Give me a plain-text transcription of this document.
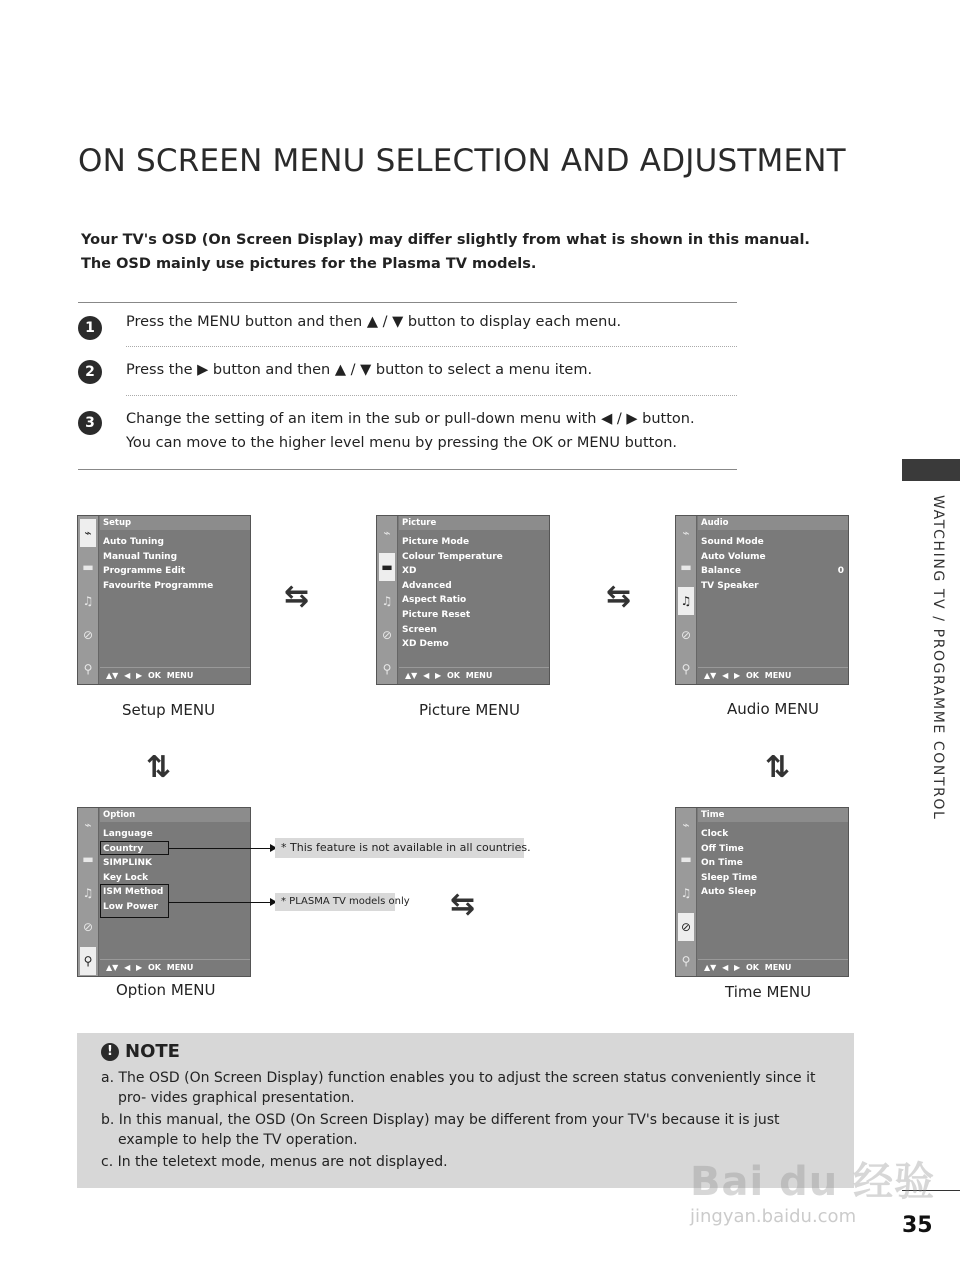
ON SCREEN MENU SELECTION AND ADJUSTMENT
Your TV's OSD (On Screen Display) may differ slightly from what is shown in this manual.
The OSD mainly use pictures for the Plasma TV models.
1	Press the MENU button and then ▲ / ▼ button to display each menu.
2	Press the ▶ button and then ▲ / ▼ button to select a menu item.
3	Change the setting of an item in the sub or pull-down menu with ◀ / ▶ button.
You can move to the higher level menu by pressing the OK or MENU button.
WATCHING TV / PROGRAMME CONTROL
⌁
▬
♫
⊘
⚲
Setup
Auto Tuning
Manual Tuning
Programme Edit
Favourite Programme
▲▼ ◀ ▶ OK MENU
⌁
▬
♫
⊘
⚲
Picture
Picture Mode
Colour Temperature
XD
Advanced
Aspect Ratio
Picture Reset
Screen
XD Demo
▲▼ ◀ ▶ OK MENU
⌁
▬
♫
⊘
⚲
Audio
Sound Mode
Auto Volume
Balance	0
TV Speaker
▲▼ ◀ ▶ OK MENU
⌁
▬
♫
⊘
⚲
Option
Language
Country
SIMPLINK
Key Lock
ISM Method
Low Power
▲▼ ◀ ▶ OK MENU
⌁
▬
♫
⊘
⚲
Time
Clock
Off Time
On Time
Sleep Time
Auto Sleep
▲▼ ◀ ▶ OK MENU
Setup MENU	Picture MENU	Audio MENU
Option MENU	Time MENU
⇆	⇆
⇆
⇅	⇅
* This feature is not available in all countries.
* PLASMA TV models only
! NOTE

a. The OSD (On Screen Display) function enables you to adjust the screen status conveniently since it pro- vides graphical presentation.

b. In this manual, the OSD (On Screen Display) may be different from your TV's because it is just example to help the TV operation.

c. In the teletext mode, menus are not displayed.

35
Bai du 经验
jingyan.baidu.com
